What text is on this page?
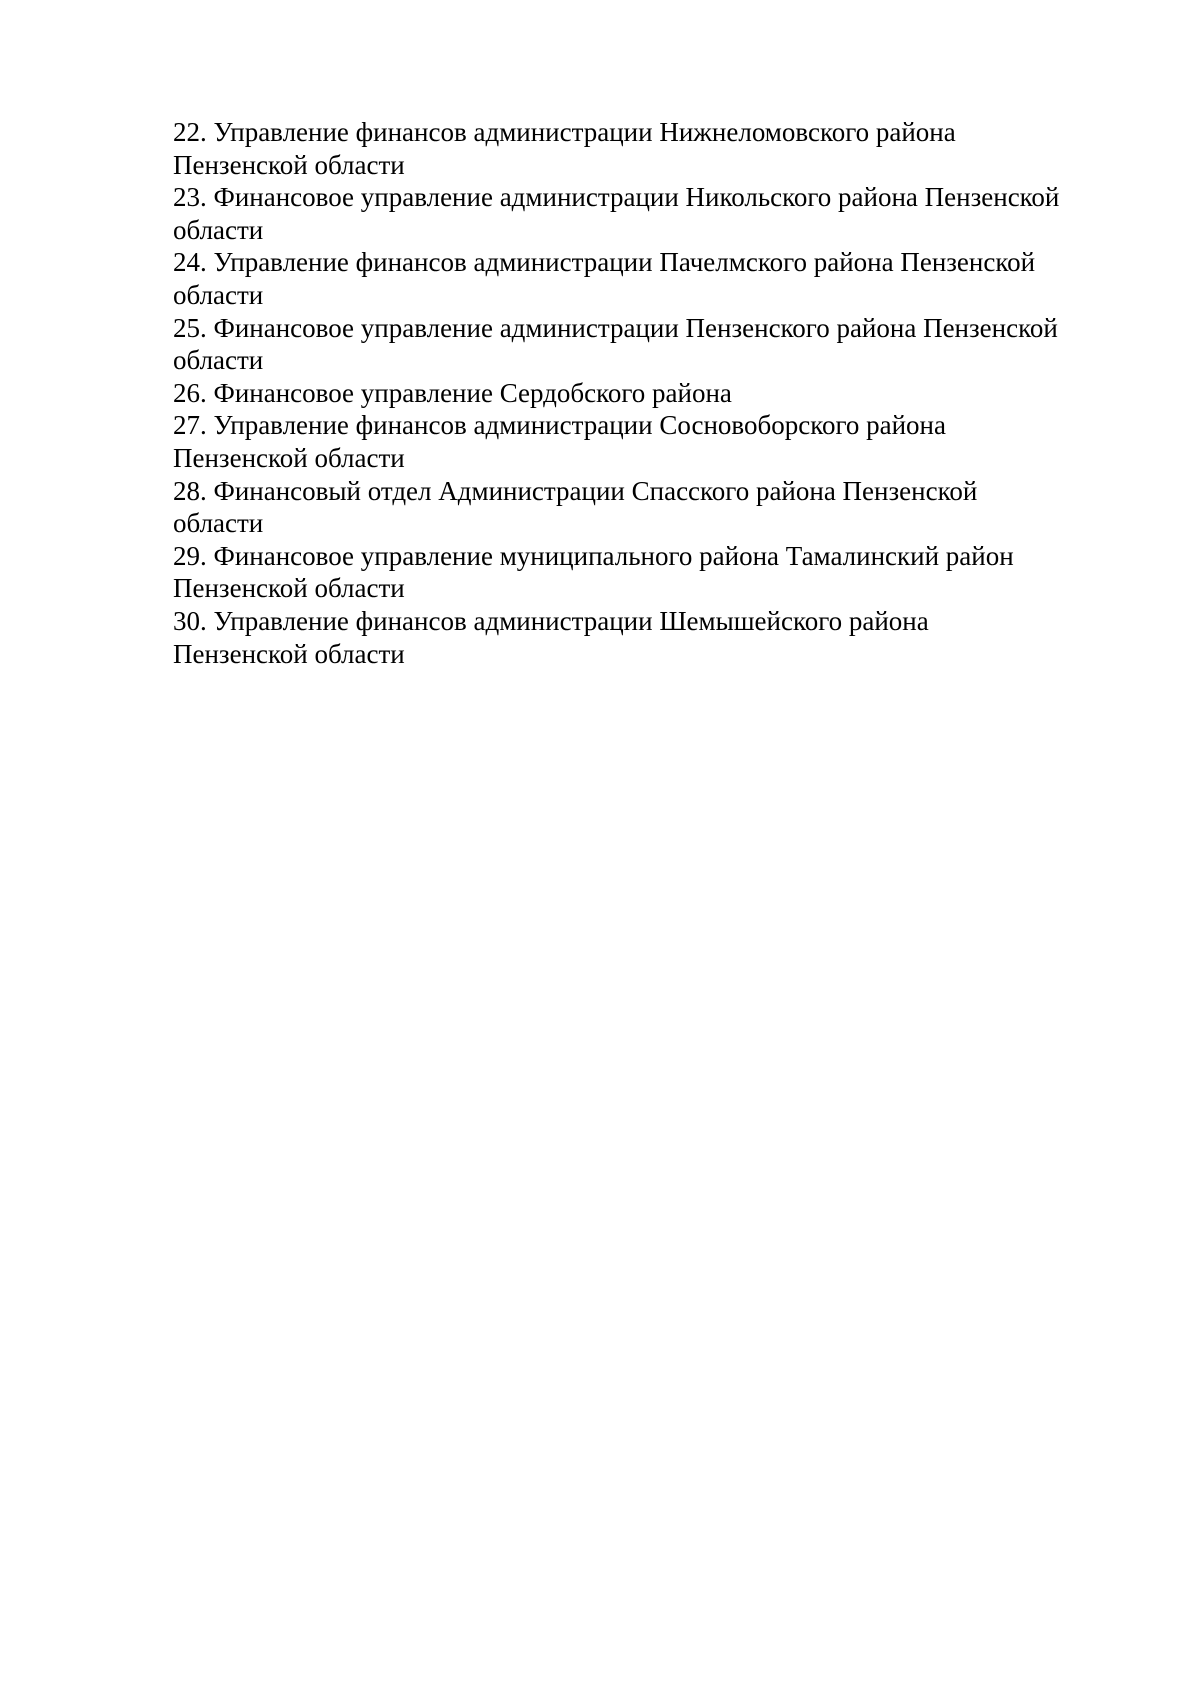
22. Управление финансов администрации Нижнеломовского района
Пензенской области
23. Финансовое управление администрации Никольского района Пензенской
области
24. Управление финансов администрации Пачелмского района Пензенской
области
25. Финансовое управление администрации Пензенского района Пензенской
области
26. Финансовое управление Сердобского района
27. Управление финансов администрации Сосновоборского района
Пензенской области
28. Финансовый отдел Администрации Спасского района Пензенской
области
29. Финансовое управление муниципального района Тамалинский район
Пензенской области
30. Управление финансов администрации Шемышейского района
Пензенской области
